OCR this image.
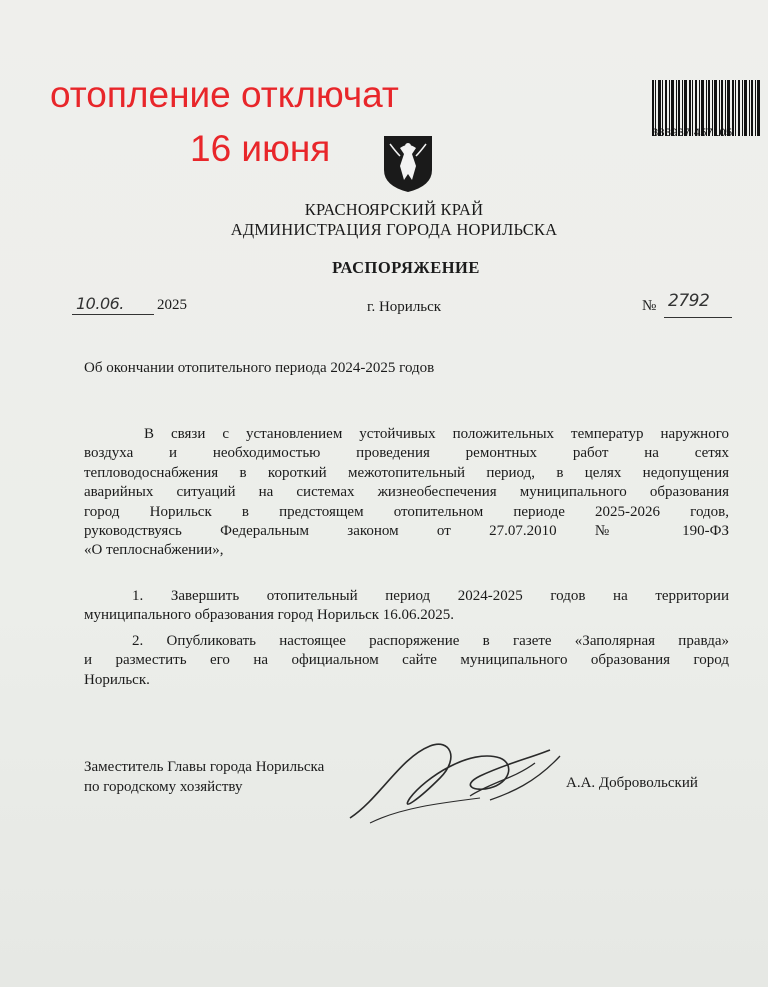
отопление отключат
16 июня	333937 457105
КРАСНОЯРСКИЙ КРАЙ
АДМИНИСТРАЦИЯ ГОРОДА НОРИЛЬСКА
РАСПОРЯЖЕНИЕ
10.06. 2025	г. Норильск	№ 2792
Об окончании отопительного периода 2024-2025 годов
В связи с установлением устойчивых положительных температур наружного
воздуха и необходимостью проведения ремонтных работ на сетях
тепловодоснабжения в короткий межотопительный период, в целях недопущения
аварийных ситуаций на системах жизнеобеспечения муниципального образования
город Норильск в предстоящем отопительном периоде 2025-2026 годов,
руководствуясь Федеральным законом от 27.07.2010 № 190-ФЗ
«О теплоснабжении»,
1. Завершить отопительный период 2024-2025 годов на территории
муниципального образования город Норильск 16.06.2025.
2. Опубликовать настоящее распоряжение в газете «Заполярная правда»
и разместить его на официальном сайте муниципального образования город
Норильск.
Заместитель Главы города Норильска
по городскому хозяйству	А.А. Добровольский
